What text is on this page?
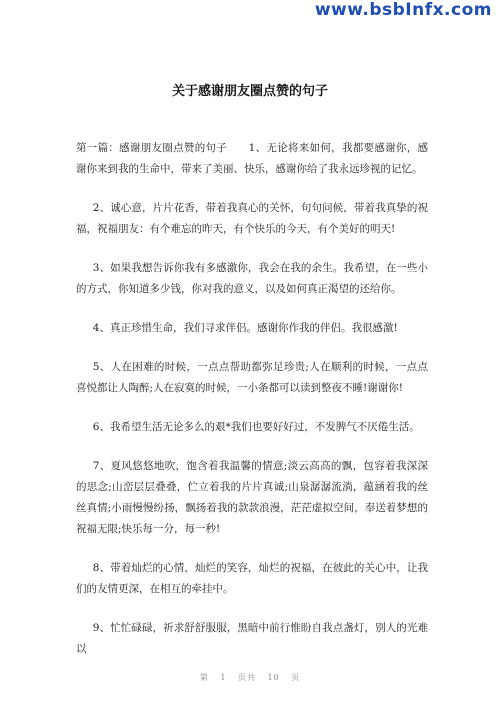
www.bsbInfx.com
关于感谢朋友圈点赞的句子

第一篇：感谢朋友圈点赞的句子　　1、无论将来如何，我都要感谢你，感谢你来到我的生命中，带来了美丽、快乐，感谢你给了我永远珍视的记忆。

2、诚心意，片片花香，带着我真心的关怀，句句问候，带着我真挚的祝福，祝福朋友：有个难忘的昨天，有个快乐的今天，有个美好的明天!

3、如果我想告诉你我有多感激你，我会在我的余生。我希望，在一些小的方式，你知道多少钱，你对我的意义，以及如何真正渴望的还给你。

4、真正珍惜生命，我们寻求伴侣。感谢你作我的伴侣。我很感激!

5、人在困难的时候，一点点帮助都弥足珍贵;人在顺利的时候，一点点喜悦都让人陶醉;人在寂寞的时候，一小条都可以读到整夜不睡!谢谢你!

6、我希望生活无论多么的艰*我们也要好好过，不发脾气不厌倦生活。

7、夏风悠悠地吹，饱含着我温馨的情意;淡云高高的飘，包容着我深深的思念;山峦层层叠叠，伫立着我的片片真诚;山泉潺潺流淌，蕴涵着我的丝丝真情;小雨慢慢纷扬，飘扬着我的款款浪漫，茫茫虚拟空间，奉送着梦想的祝福无限;快乐每一分，每一秒!

8、带着灿烂的心情，灿烂的笑容，灿烂的祝福，在彼此的关心中，让我们的友情更深，在相互的牵挂中。

9、忙忙碌碌，祈求舒舒服服，黑暗中前行惟盼自我点盏灯，别人的光难以

第 1 页共 10 页
